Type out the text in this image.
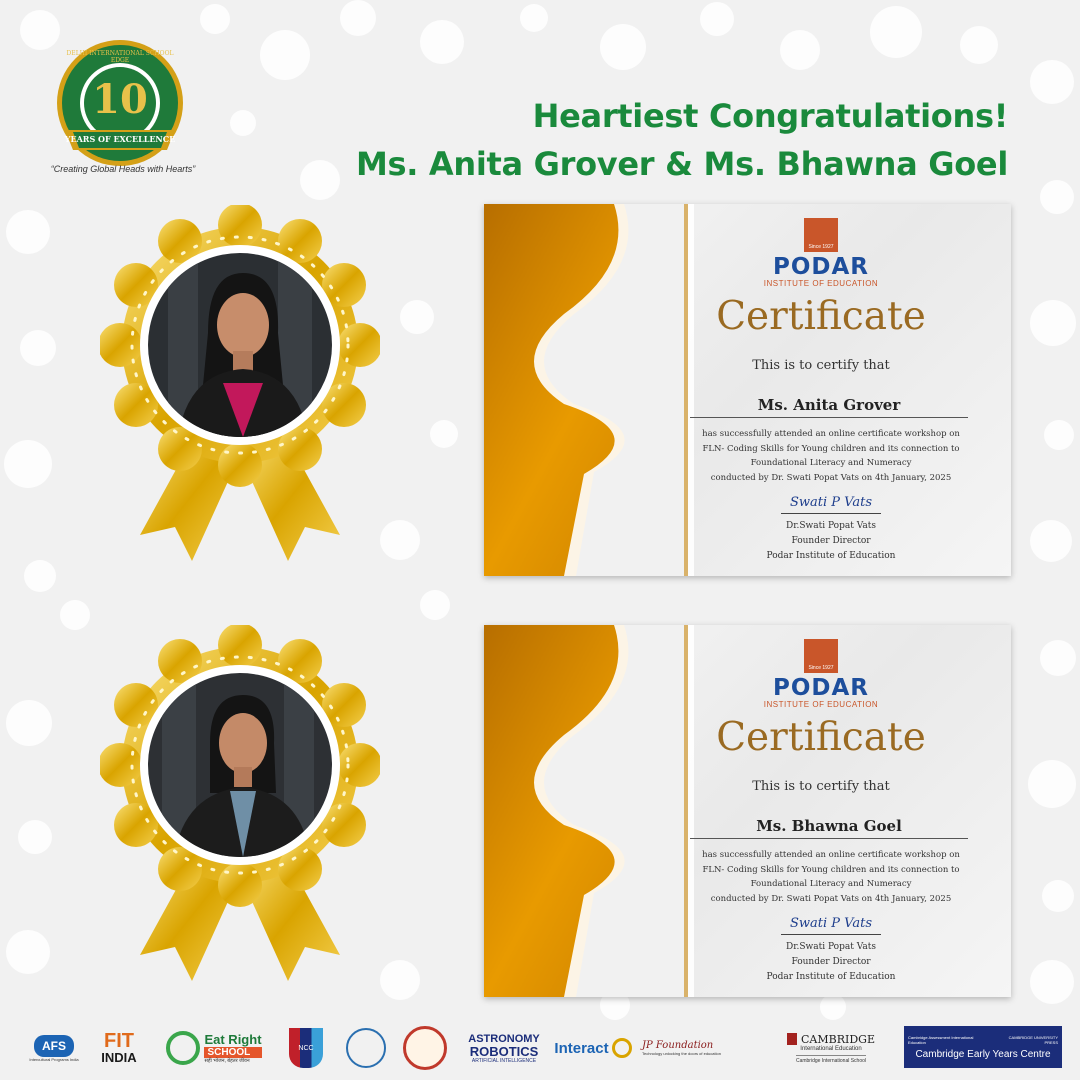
10
YEARS OF EXCELLENCE
DELHI INTERNATIONAL SCHOOL EDGE
“Creating Global Heads with Hearts”
Heartiest Congratulations!
Ms. Anita Grover & Ms. Bhawna Goel
Since 1927
PODAR
INSTITUTE OF EDUCATION
Certificate
This is to certify that
Ms. Anita Grover
has successfully attended an online certificate workshop on
FLN- Coding Skills for Young children and its connection to
Foundational Literacy and Numeracy
conducted by Dr. Swati Popat Vats on 4th January, 2025
Swati P Vats
Dr.Swati Popat Vats
Founder Director
Podar Institute of Education
Since 1927
PODAR
INSTITUTE OF EDUCATION
Certificate
This is to certify that
Ms. Bhawna Goel
has successfully attended an online certificate workshop on
FLN- Coding Skills for Young children and its connection to
Foundational Literacy and Numeracy
conducted by Dr. Swati Popat Vats on 4th January, 2025
Swati P Vats
Dr.Swati Popat Vats
Founder Director
Podar Institute of Education
AFS
Intercultural Programs India
FIT
INDIA
Eat Right
SCHOOL
सही भोजन, बेहतर जीवन
NCC
ASTRONOMY
ROBOTICS
ARTIFICIAL INTELLIGENCE
Interact	JP Foundation
Technology unlocking the doors of education
CAMBRIDGE
International Education
Cambridge International School
Cambridge Assessment International Education
CAMBRIDGE UNIVERSITY PRESS
Cambridge Early Years Centre
